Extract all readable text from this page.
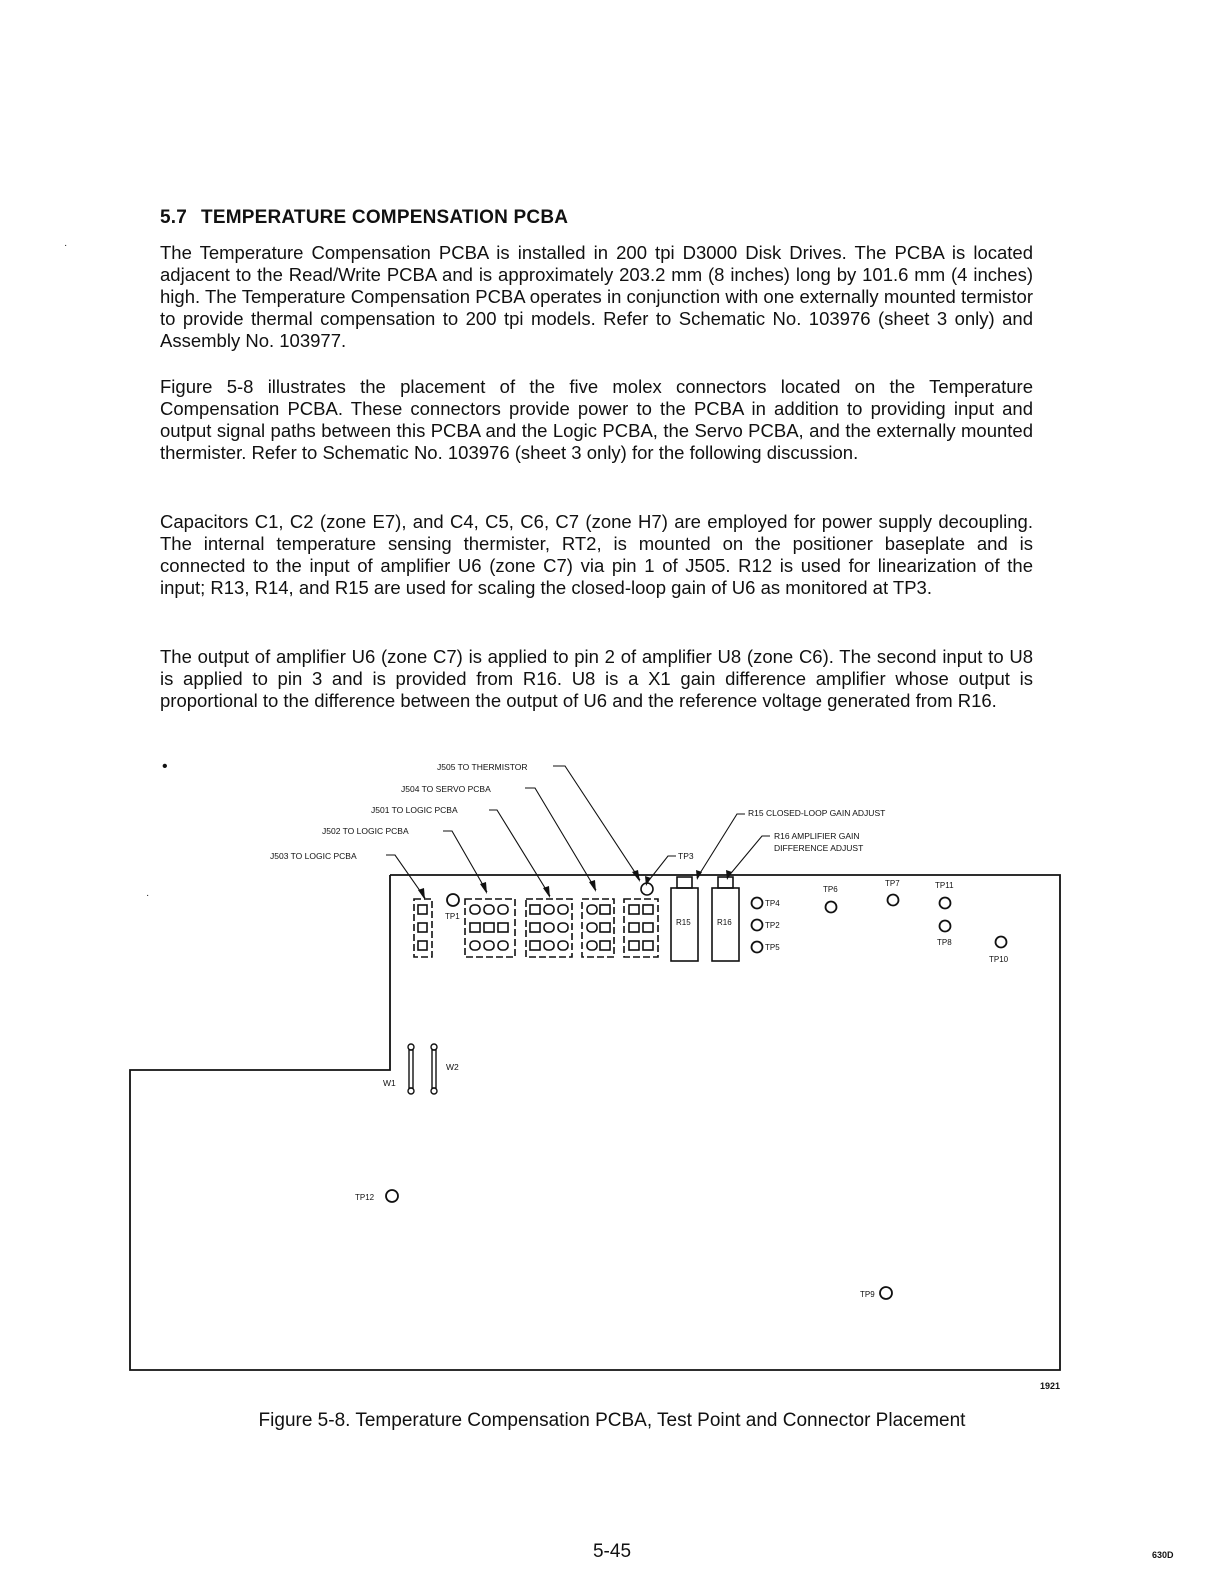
5.7 TEMPERATURE COMPENSATION PCBA
The Temperature Compensation PCBA is installed in 200 tpi D3000 Disk Drives. The PCBA is located adjacent to the Read/Write PCBA and is approximately 203.2 mm (8 inches) long by 101.6 mm (4 inches) high. The Temperature Compensation PCBA operates in conjunction with one externally mounted termistor to provide thermal compensation to 200 tpi models. Refer to Schematic No. 103976 (sheet 3 only) and Assembly No. 103977.
Figure 5-8 illustrates the placement of the five molex connectors located on the Temperature Compensation PCBA. These connectors provide power to the PCBA in addition to providing input and output signal paths between this PCBA and the Logic PCBA, the Servo PCBA, and the externally mounted thermister. Refer to Schematic No. 103976 (sheet 3 only) for the following discussion.
Capacitors C1, C2 (zone E7), and C4, C5, C6, C7 (zone H7) are employed for power supply decoupling. The internal temperature sensing thermister, RT2, is mounted on the positioner baseplate and is connected to the input of amplifier U6 (zone C7) via pin 1 of J505. R12 is used for linearization of the input; R13, R14, and R15 are used for scaling the closed-loop gain of U6 as monitored at TP3.
The output of amplifier U6 (zone C7) is applied to pin 2 of amplifier U8 (zone C6). The second input to U8 is applied to pin 3 and is provided from R16. U8 is a X1 gain difference amplifier whose output is proportional to the difference between the output of U6 and the reference voltage generated from R16.
•
·
·
J505 TO THERMISTOR
J504 TO SERVO PCBA
J501 TO LOGIC PCBA
J502 TO LOGIC PCBA
J503 TO LOGIC PCBA
R15 CLOSED-LOOP GAIN ADJUST
R16 AMPLIFIER GAIN
DIFFERENCE ADJUST
TP3
TP1
R15	R16
TP4
TP2
TP5
TP6
TP7	TP11
TP8
TP10
TP12
TP9
W1
W2
1921
Figure 5-8. Temperature Compensation PCBA, Test Point and Connector Placement
5-45	630D
